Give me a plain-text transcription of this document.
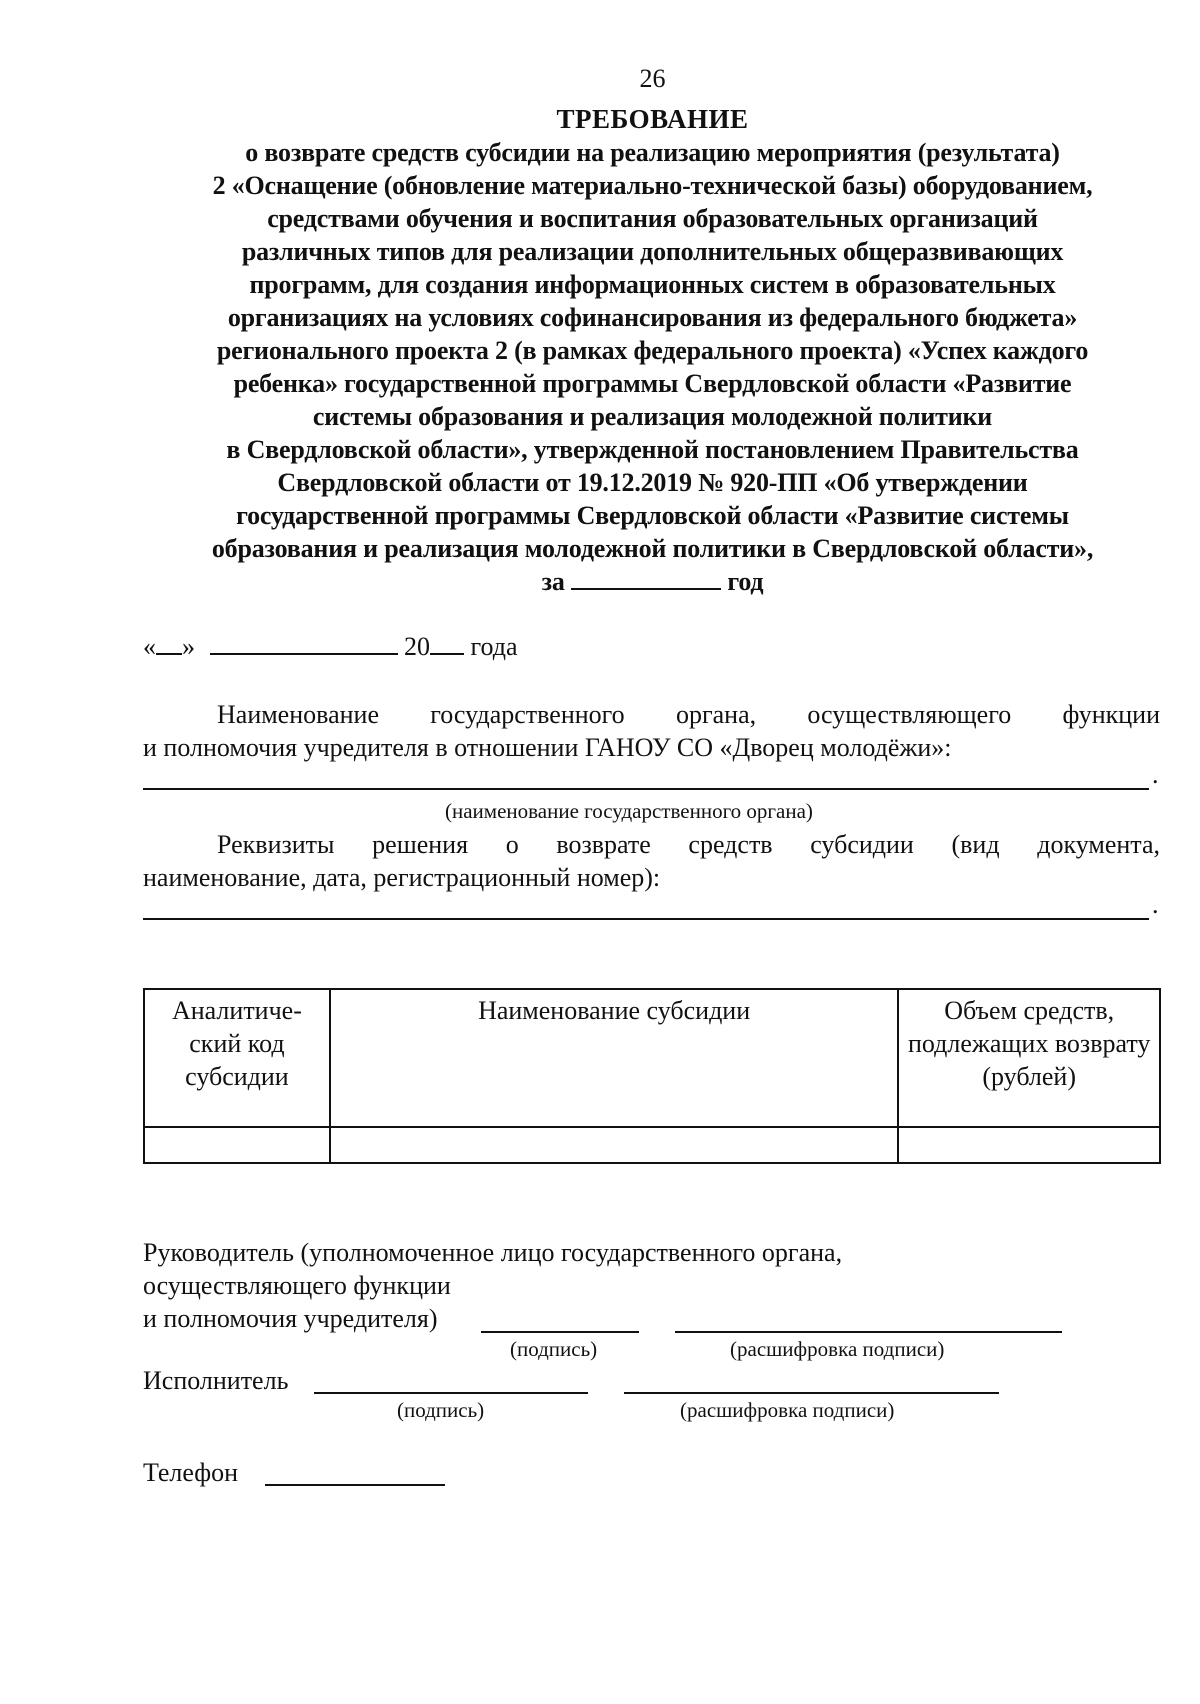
26
ТРЕБОВАНИЕ
о возврате средств субсидии на реализацию мероприятия (результата)
2 «Оснащение (обновление материально-технической базы) оборудованием,
средствами обучения и воспитания образовательных организаций
различных типов для реализации дополнительных общеразвивающих
программ, для создания информационных систем в образовательных
организациях на условиях софинансирования из федерального бюджета»
регионального проекта 2 (в рамках федерального проекта) «Успех каждого
ребенка» государственной программы Свердловской области «Развитие
системы образования и реализация молодежной политики
в Свердловской области», утвержденной постановлением Правительства
Свердловской области от 19.12.2019 № 920-ПП «Об утверждении
государственной программы Свердловской области «Развитие системы
образования и реализация молодежной политики в Свердловской области»,
за	год
« »	20 года
Наименование государственного органа, осуществляющего функции
и полномочия учредителя в отношении ГАНОУ СО «Дворец молодёжи»:
.
(наименование государственного органа)
Реквизиты решения о возврате средств субсидии (вид документа,
наименование, дата, регистрационный номер):
.
Аналитиче-ский код субсидии	Наименование субсидии	Объем средств, подлежащих возврату (рублей)

Руководитель (уполномоченное лицо государственного органа,
осуществляющего функции
и полномочия учредителя)
(подпись)	(расшифровка подписи)
Исполнитель
(подпись)	(расшифровка подписи)
Телефон
